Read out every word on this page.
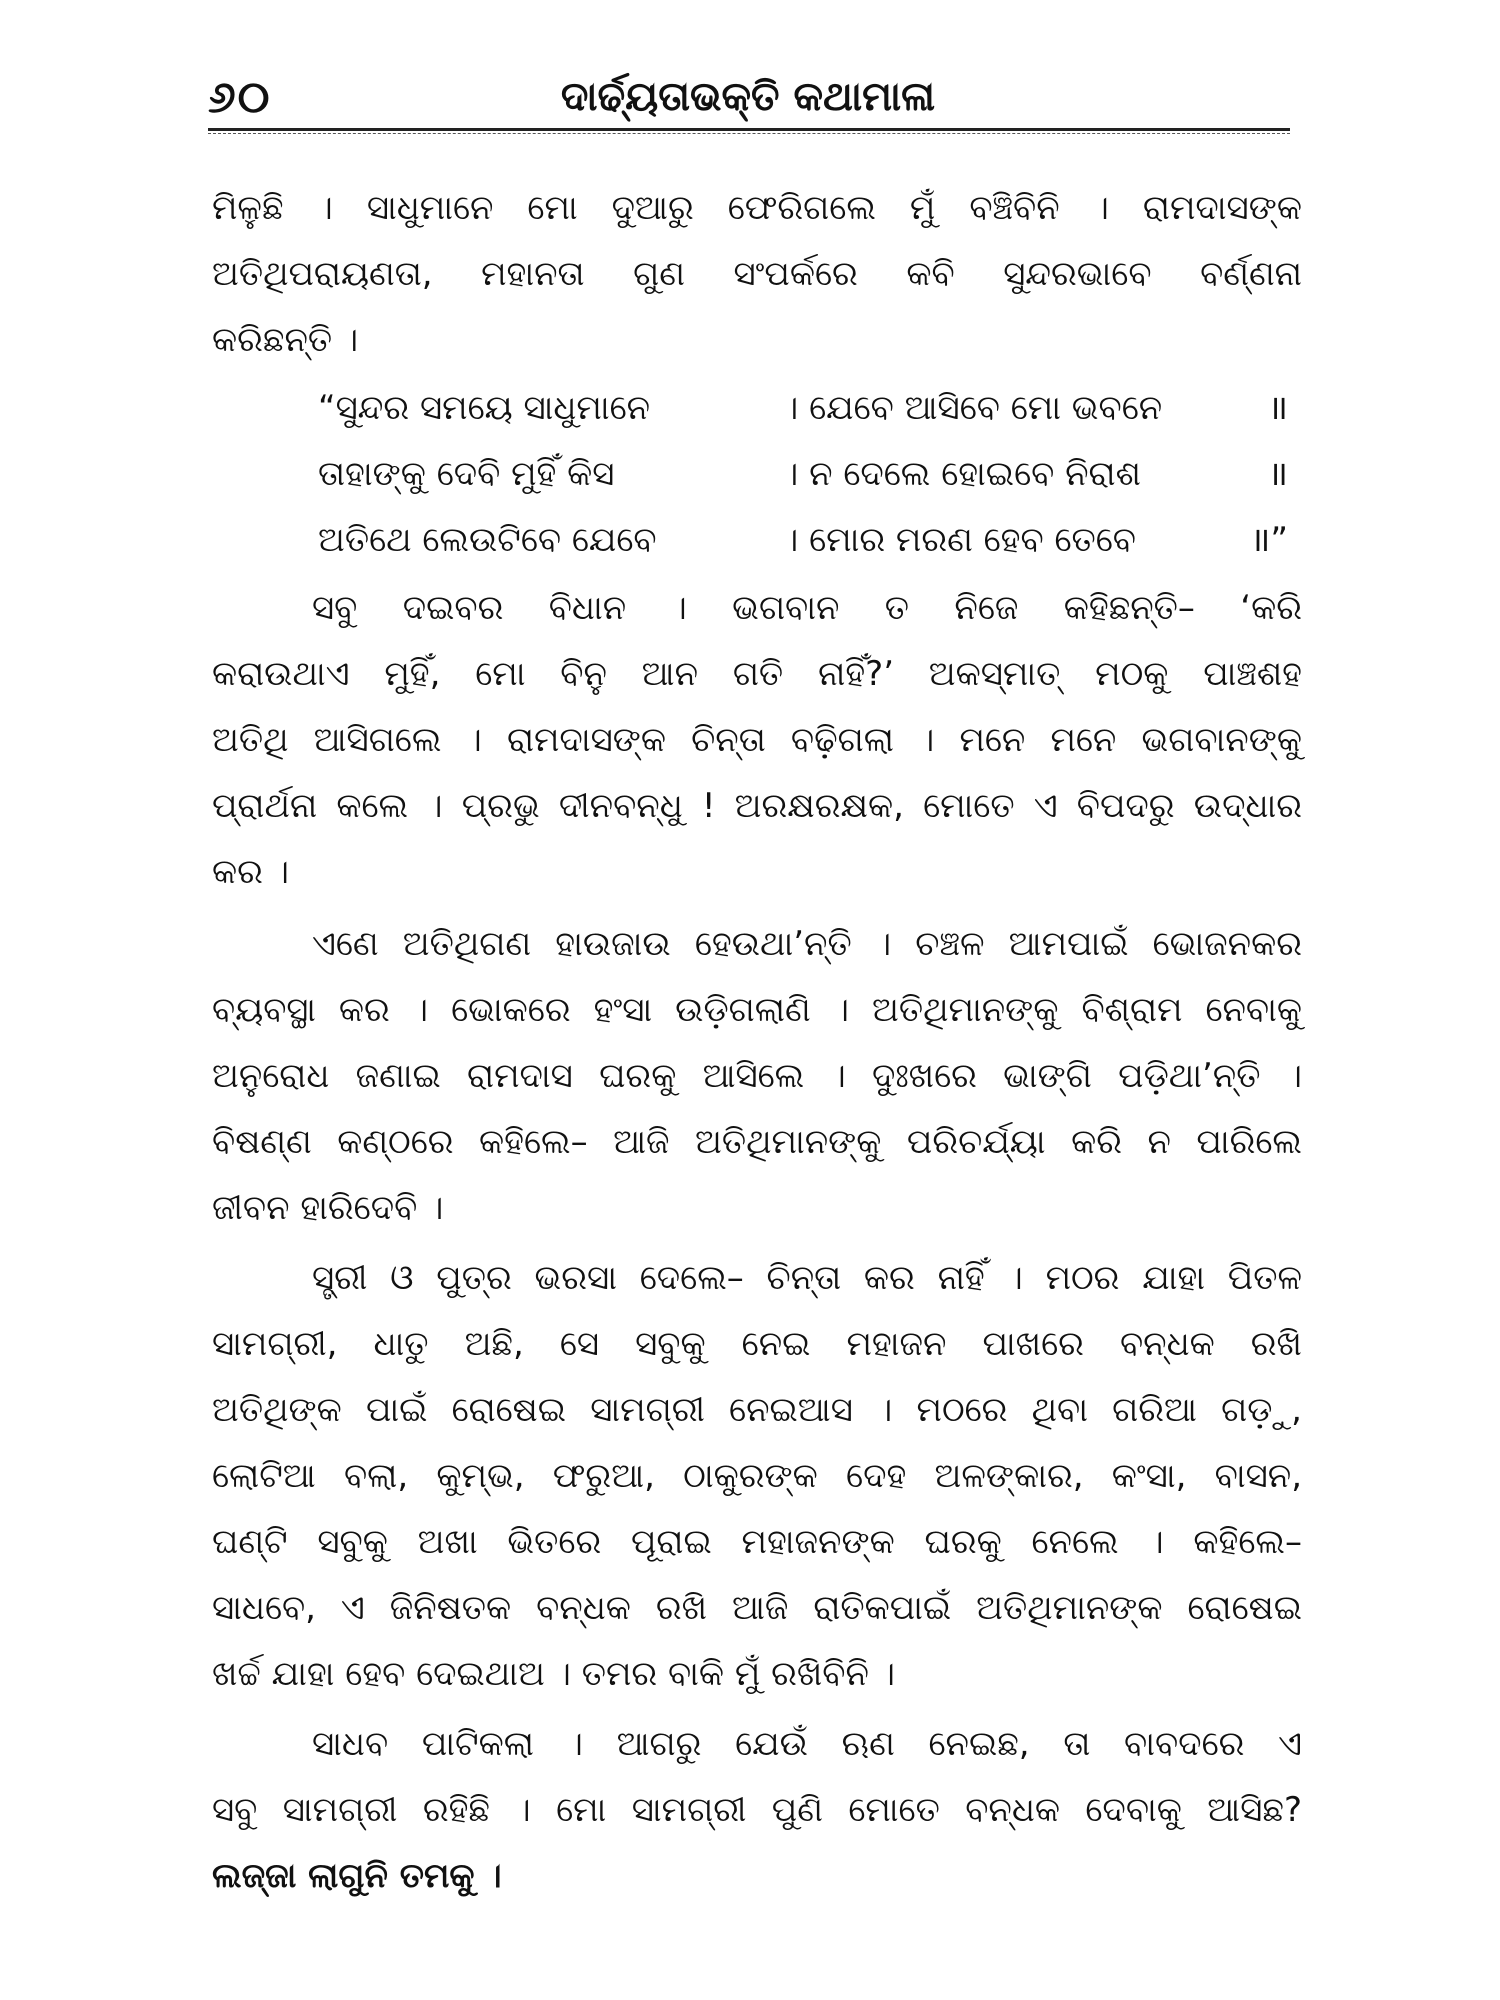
୬୦	ଦାର୍ଢ୍ୟତାଭକ୍ତି କଥାମାଳା
ମିଳୁଛି । ସାଧୁମାନେ ମୋ ଦୁଆରୁ ଫେରିଗଲେ ମୁଁ ବଞ୍ଚିବିନି । ରାମଦାସଙ୍କ
ଅତିଥିପରାୟଣତା, ମହାନତା ଗୁଣ ସଂପର୍କରେ କବି ସୁନ୍ଦରଭାବେ ବର୍ଣ୍ଣନା
କରିଛନ୍ତି ।
“ସୁନ୍ଦର ସମୟେ ସାଧୁମାନେ	। ଯେବେ ଆସିବେ ମୋ ଭବନେ	॥
ତାହାଙ୍କୁ ଦେବି ମୁହିଁ କିସ	। ନ ଦେଲେ ହୋଇବେ ନିରାଶ	॥
ଅତିଥେ ଲେଉଟିବେ ଯେବେ	। ମୋର ମରଣ ହେବ ତେବେ	॥”
ସବୁ ଦଇବର ବିଧାନ । ଭଗବାନ ତ ନିଜେ କହିଛନ୍ତି– ‘କରି
କରାଉଥାଏ ମୁହିଁ, ମୋ ବିନୁ ଆନ ଗତି ନାହିଁ?’ ଅକସ୍ମାତ୍ ମଠକୁ ପାଞ୍ଚଶହ
ଅତିଥି ଆସିଗଲେ । ରାମଦାସଙ୍କ ଚିନ୍ତା ବଢ଼ିଗଲା । ମନେ ମନେ ଭଗବାନଙ୍କୁ
ପ୍ରାର୍ଥନା କଲେ । ପ୍ରଭୁ ଦୀନବନ୍ଧୁ ! ଅରକ୍ଷରକ୍ଷକ, ମୋତେ ଏ ବିପଦରୁ ଉଦ୍ଧାର
କର ।
ଏଣେ ଅତିଥିଗଣ ହାଉଜାଉ ହେଉଥା’ନ୍ତି । ଚଞ୍ଚଳ ଆମପାଇଁ ଭୋଜନକର
ବ୍ୟବସ୍ଥା କର । ଭୋକରେ ହଂସା ଉଡ଼ିଗଲାଣି । ଅତିଥିମାନଙ୍କୁ ବିଶ୍ରାମ ନେବାକୁ
ଅନୁରୋଧ ଜଣାଇ ରାମଦାସ ଘରକୁ ଆସିଲେ । ଦୁଃଖରେ ଭାଙ୍ଗି ପଡ଼ିଥା’ନ୍ତି ।
ବିଷଣ୍ଣ କଣ୍ଠରେ କହିଲେ– ଆଜି ଅତିଥିମାନଙ୍କୁ ପରିଚର୍ଯ୍ୟା କରି ନ ପାରିଲେ
ଜୀବନ ହାରିଦେବି ।
ସ୍ତ୍ରୀ ଓ ପୁତ୍ର ଭରସା ଦେଲେ– ଚିନ୍ତା କର ନାହିଁ । ମଠର ଯାହା ପିତଳ
ସାମଗ୍ରୀ, ଧାତୁ ଅଛି, ସେ ସବୁକୁ ନେଇ ମହାଜନ ପାଖରେ ବନ୍ଧକ ରଖି
ଅତିଥିଙ୍କ ପାଇଁ ରୋଷେଇ ସାମଗ୍ରୀ ନେଇଆସ । ମଠରେ ଥିବା ଗରିଆ ଗଡ଼ୁ,
ଲୋଟିଆ ବଲା, କୁମ୍ଭ, ଫରୁଆ, ଠାକୁରଙ୍କ ଦେହ ଅଳଙ୍କାର, କଂସା, ବାସନ,
ଘଣ୍ଟି ସବୁକୁ ଅଖା ଭିତରେ ପୂରାଇ ମହାଜନଙ୍କ ଘରକୁ ନେଲେ । କହିଲେ–
ସାଧବେ, ଏ ଜିନିଷତକ ବନ୍ଧକ ରଖି ଆଜି ରାତିକପାଇଁ ଅତିଥିମାନଙ୍କ ରୋଷେଇ
ଖର୍ଚ୍ଚ ଯାହା ହେବ ଦେଇଥାଅ । ତମର ବାକି ମୁଁ ରଖିବିନି ।
ସାଧବ ପାଟିକଲା । ଆଗରୁ ଯେଉଁ ଋଣ ନେଇଛ, ତା ବାବଦରେ ଏ
ସବୁ ସାମଗ୍ରୀ ରହିଛି । ମୋ ସାମଗ୍ରୀ ପୁଣି ମୋତେ ବନ୍ଧକ ଦେବାକୁ ଆସିଛ?
ଲଜ୍ଜା ଲାଗୁନି ତମକୁ ।
